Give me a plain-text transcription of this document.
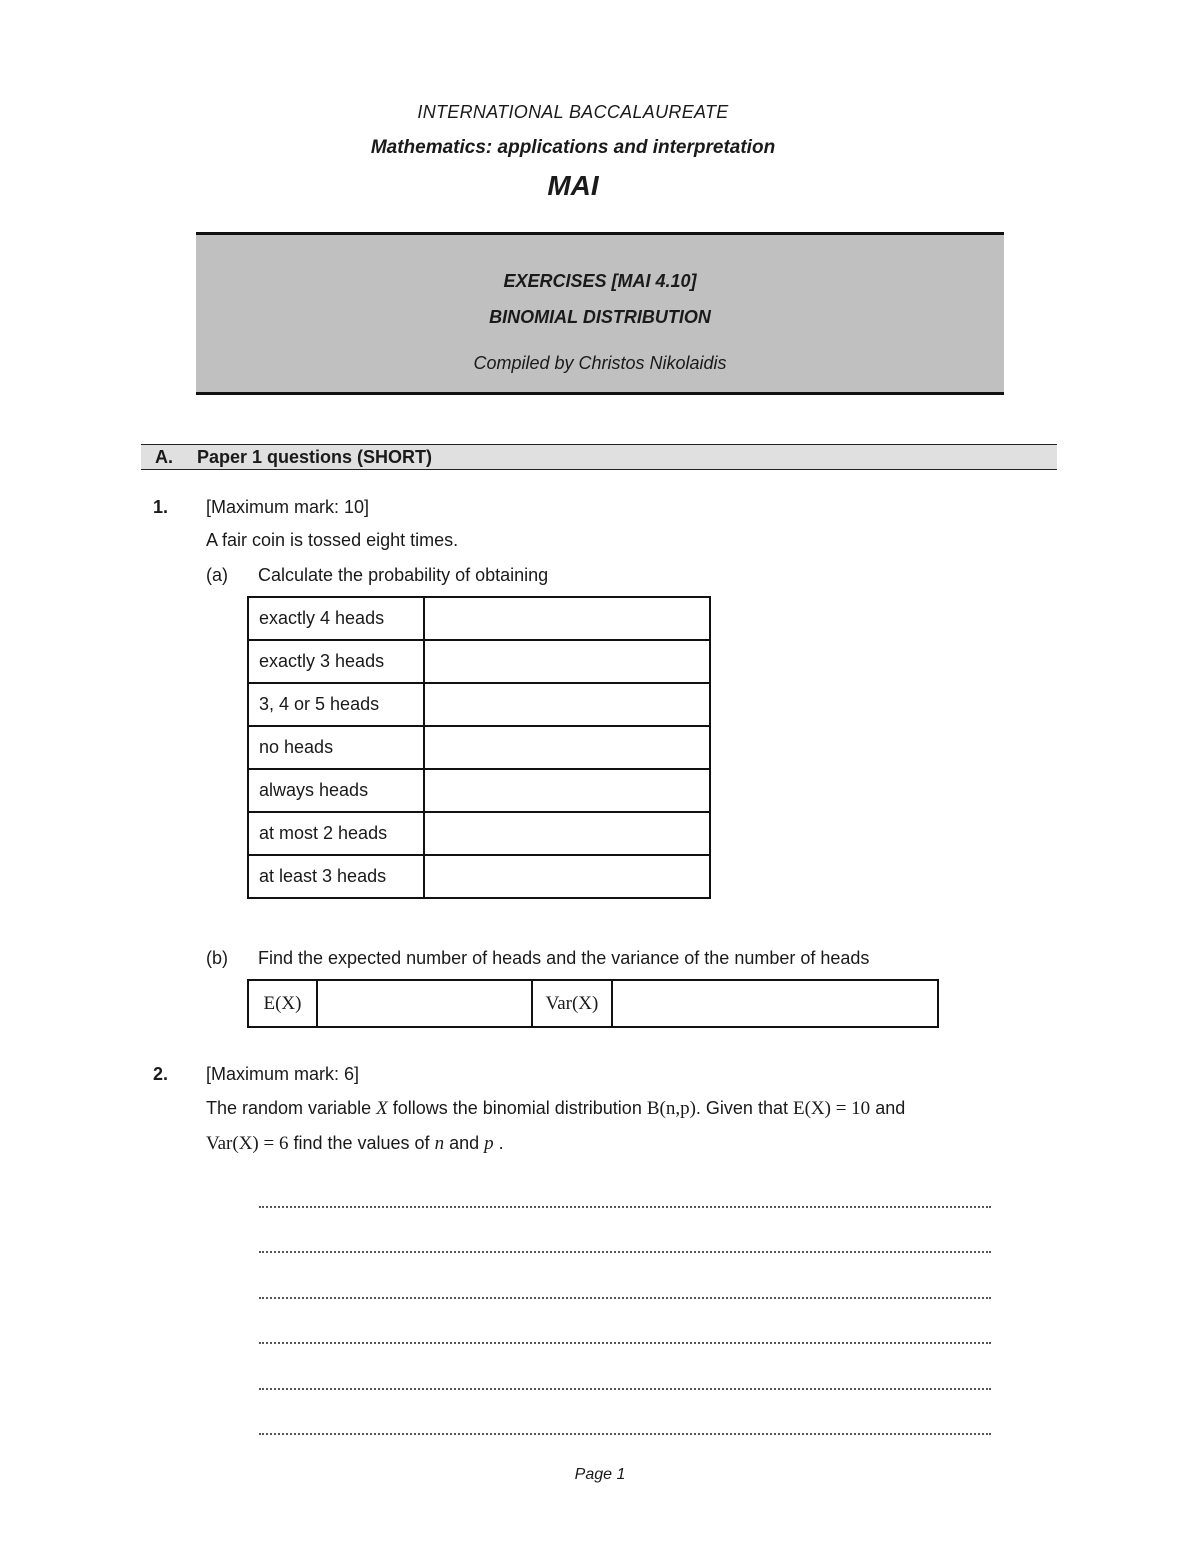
INTERNATIONAL BACCALAUREATE
Mathematics: applications and interpretation
MAI
EXERCISES [MAI 4.10]
BINOMIAL DISTRIBUTION
Compiled by Christos Nikolaidis
A. Paper 1 questions (SHORT)
1. [Maximum mark: 10]
A fair coin is tossed eight times.
(a) Calculate the probability of obtaining
exactly 4 heads	
exactly 3 heads	
3, 4 or 5 heads	
no heads	
always heads	
at most 2 heads	
at least 3 heads	
(b) Find the expected number of heads and the variance of the number of heads
E(X)		Var(X)	
2. [Maximum mark: 6]
The random variable X follows the binomial distribution B(n,p). Given that E(X) = 10 and
Var(X) = 6 find the values of n and p .
Page 1
